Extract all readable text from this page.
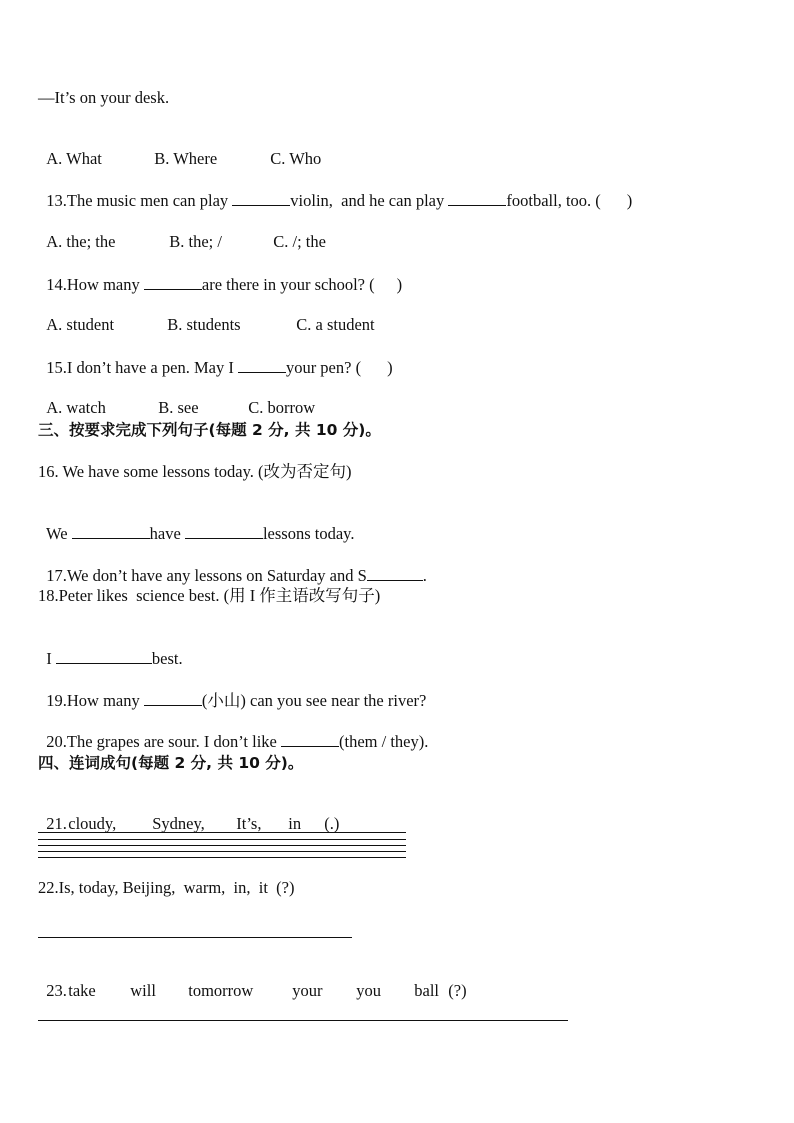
—It’s on your desk.

A. What	B. Where	C. Who

13.The music men can play	violin,  and he can play	football, too. ( )

A. the; the	B. the; /	C. /; the

14.How many	are there in your school? ( )

A. student	B. students	C. a student

15.I don’t have a pen. May I	your pen? ( )

A. watch	B. see	C. borrow

三、按要求完成下列句子(每题 2 分, 共 10 分)。
16. We have some lessons today. (改为否定句)

We	have	lessons today.

17.We don’t have any lessons on Saturday and S	.

18.Peter likes  science best. (用 I 作主语改写句子)

I	best.

19.How many	(小山) can you see near the river?

20.The grapes are sour. I don’t like	(them / they).

四、连词成句(每题 2 分, 共 10 分)。

21.cloudy, Sydney, It’s, in (.)

22.Is, today, Beijing,  warm,  in,  it  (?)

23.take will tomorrow your you ball (?)
